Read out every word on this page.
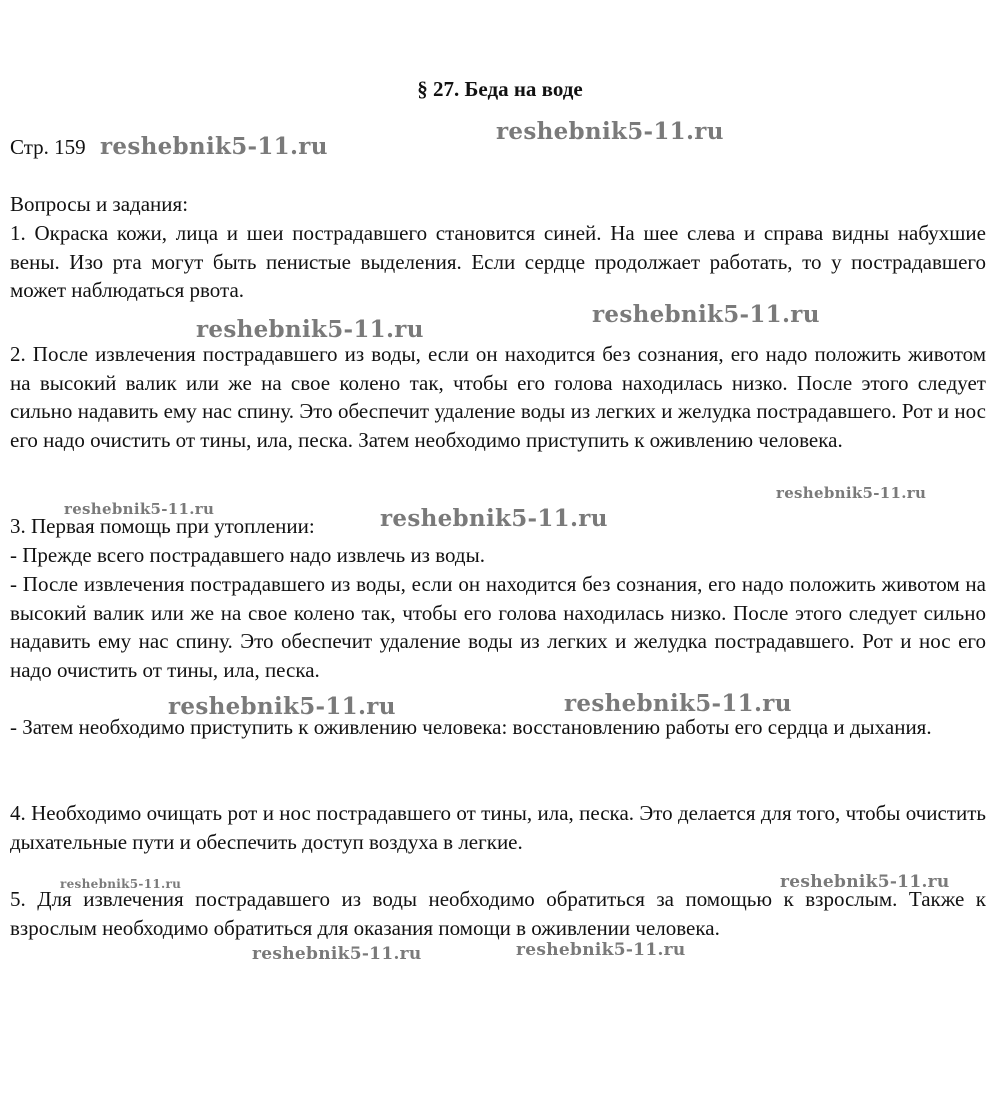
§ 27. Беда на воде
Стр. 159
Вопросы и задания:
1. Окраска кожи, лица и шеи пострадавшего становится синей. На шее слева и справа видны набухшие вены. Изо рта могут быть пенистые выделения. Если сердце продолжает работать, то у пострадавшего может наблюдаться рвота.
2. После извлечения пострадавшего из воды, если он находится без сознания, его надо положить животом на высокий валик или же на свое колено так, чтобы его голова находилась низко. После этого следует сильно надавить ему нас спину. Это обеспечит удаление воды из легких и желудка пострадавшего. Рот и нос его надо очистить от тины, ила, песка. Затем необходимо приступить к оживлению человека.
3. Первая помощь при утоплении:
- Прежде всего пострадавшего надо извлечь из воды.
- После извлечения пострадавшего из воды, если он находится без сознания, его надо положить животом на высокий валик или же на свое колено так, чтобы его голова находилась низко. После этого следует сильно надавить ему нас спину. Это обеспечит удаление воды из легких и желудка пострадавшего. Рот и нос его надо очистить от тины, ила, песка.
- Затем необходимо приступить к оживлению человека: восстановлению работы его сердца и дыхания.
4. Необходимо очищать рот и нос пострадавшего от тины, ила, песка. Это делается для того, чтобы очистить дыхательные пути и обеспечить доступ воздуха в легкие.
5. Для извлечения пострадавшего из воды необходимо обратиться за помощью к взрослым. Также к взрослым необходимо обратиться для оказания помощи в оживлении человека.
reshebnik5-11.ru
reshebnik5-11.ru
reshebnik5-11.ru
reshebnik5-11.ru
reshebnik5-11.ru
reshebnik5-11.ru
reshebnik5-11.ru
reshebnik5-11.ru	reshebnik5-11.ru
reshebnik5-11.ru	reshebnik5-11.ru
reshebnik5-11.ru	reshebnik5-11.ru
